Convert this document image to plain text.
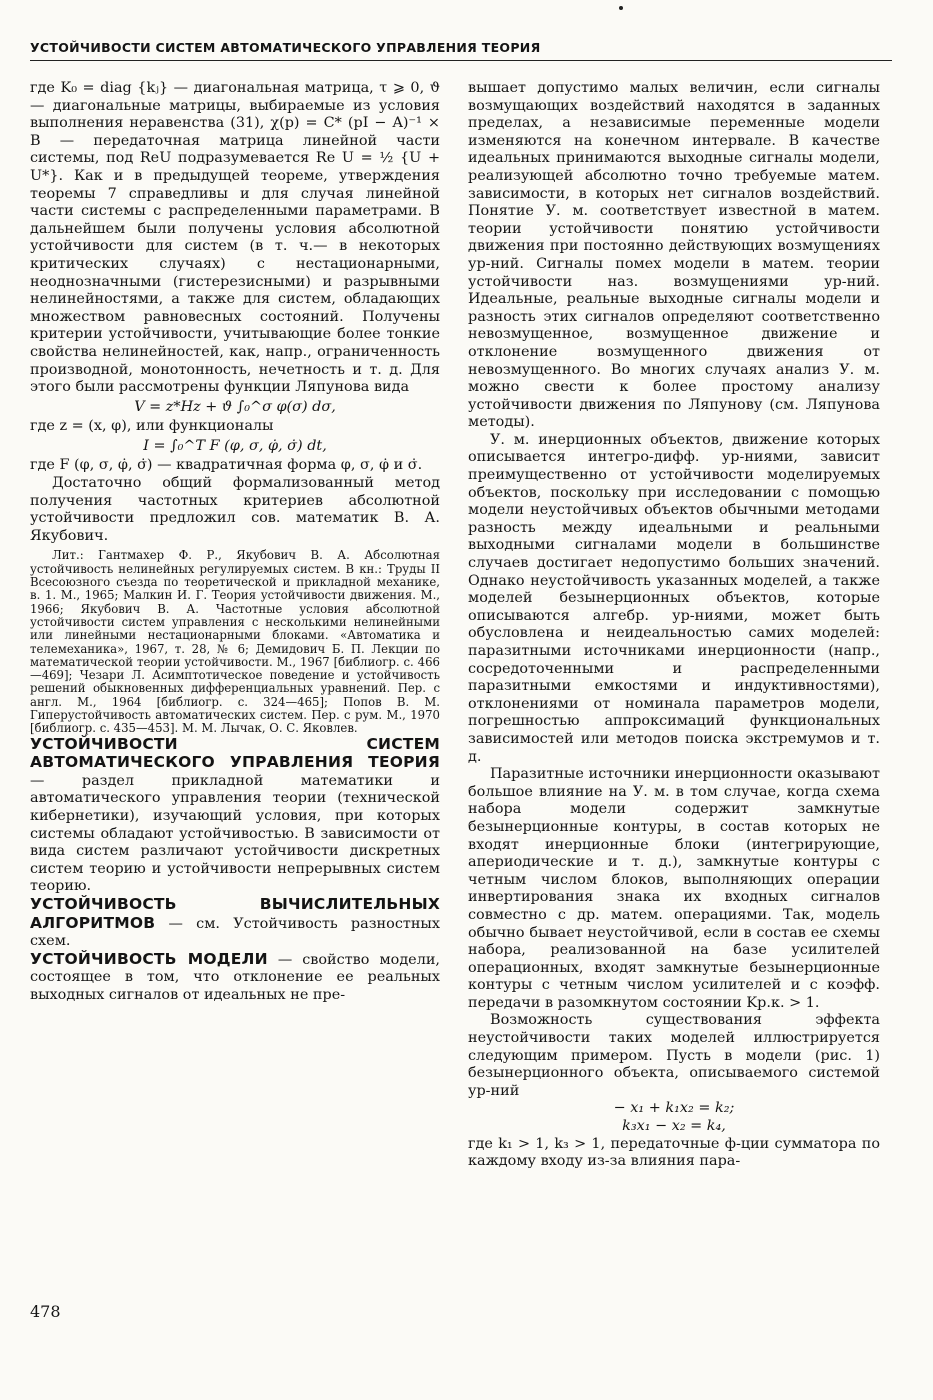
УСТОЙЧИВОСТИ СИСТЕМ АВТОМАТИЧЕСКОГО УПРАВЛЕНИЯ ТЕОРИЯ

где K₀ = diag {kⱼ} — диагональная матрица, τ ⩾ 0, ϑ — диагональные матрицы, выбираемые из условия выполнения неравенства (31), χ(p) = C* (pI − A)⁻¹ × B — передаточная матрица линейной части системы, под ReU подразумевается Re U = ½ {U + U*}. Как и в предыдущей теореме, утверждения теоремы 7 справедливы и для случая линейной части системы с распределенными параметрами. В дальнейшем были получены условия абсолютной устойчивости для систем (в т. ч.— в некоторых критических случаях) с нестационарными, неоднозначными (гистерезисными) и разрывными нелинейностями, а также для систем, обладающих множеством равновесных состояний. Получены критерии устойчивости, учитывающие более тонкие свойства нелинейностей, как, напр., ограниченность производной, монотонность, нечетность и т. д. Для этого были рассмотрены функции Ляпунова вида

V = z*Hz + ϑ ∫₀^σ φ(σ) dσ,

где z = (x, φ), или функционалы

I = ∫₀^T F (φ, σ, φ̇, σ̇) dt,

где F (φ, σ, φ̇, σ̇) — квадратичная форма φ, σ, φ̇ и σ̇.

Достаточно общий формализованный метод получения частотных критериев абсолютной устойчивости предложил сов. математик В. А. Якубович.

Лит.: Гантмахер Ф. Р., Якубович В. А. Абсолютная устойчивость нелинейных регулируемых систем. В кн.: Труды II Всесоюзного съезда по теоретической и прикладной механике, в. 1. М., 1965; Малкин И. Г. Теория устойчивости движения. М., 1966; Якубович В. А. Частотные условия абсолютной устойчивости систем управления с несколькими нелинейными или линейными нестационарными блоками. «Автоматика и телемеханика», 1967, т. 28, № 6; Демидович Б. П. Лекции по математической теории устойчивости. М., 1967 [библиогр. с. 466—469]; Чезари Л. Асимптотическое поведение и устойчивость решений обыкновенных дифференциальных уравнений. Пер. с англ. М., 1964 [библиогр. с. 324—465]; Попов В. М. Гиперустойчивость автоматических систем. Пер. с рум. М., 1970 [библиогр. с. 435—453]. М. М. Лычак, О. С. Яковлев.

УСТОЙЧИВОСТИ СИСТЕМ АВТОМАТИЧЕСКОГО УПРАВЛЕНИЯ ТЕОРИЯ — раздел прикладной математики и автоматического управления теории (технической кибернетики), изучающий условия, при которых системы обладают устойчивостью. В зависимости от вида систем различают устойчивости дискретных систем теорию и устойчивости непрерывных систем теорию.

УСТОЙЧИВОСТЬ ВЫЧИСЛИТЕЛЬНЫХ АЛГОРИТМОВ — см. Устойчивость разностных схем.

УСТОЙЧИВОСТЬ МОДЕЛИ — свойство модели, состоящее в том, что отклонение ее реальных выходных сигналов от идеальных не пре-

вышает допустимо малых величин, если сигналы возмущающих воздействий находятся в заданных пределах, а независимые переменные модели изменяются на конечном интервале. В качестве идеальных принимаются выходные сигналы модели, реализующей абсолютно точно требуемые матем. зависимости, в которых нет сигналов воздействий. Понятие У. м. соответствует известной в матем. теории устойчивости понятию устойчивости движения при постоянно действующих возмущениях ур-ний. Сигналы помех модели в матем. теории устойчивости наз. возмущениями ур-ний. Идеальные, реальные выходные сигналы модели и разность этих сигналов определяют соответственно невозмущенное, возмущенное движение и отклонение возмущенного движения от невозмущенного. Во многих случаях анализ У. м. можно свести к более простому анализу устойчивости движения по Ляпунову (см. Ляпунова методы).

У. м. инерционных объектов, движение которых описывается интегро-дифф. ур-ниями, зависит преимущественно от устойчивости моделируемых объектов, поскольку при исследовании с помощью модели неустойчивых объектов обычными методами разность между идеальными и реальными выходными сигналами модели в большинстве случаев достигает недопустимо больших значений. Однако неустойчивость указанных моделей, а также моделей безынерционных объектов, которые описываются алгебр. ур-ниями, может быть обусловлена и неидеальностью самих моделей: паразитными источниками инерционности (напр., сосредоточенными и распределенными паразитными емкостями и индуктивностями), отклонениями от номинала параметров модели, погрешностью аппроксимаций функциональных зависимостей или методов поиска экстремумов и т. д.

Паразитные источники инерционности оказывают большое влияние на У. м. в том случае, когда схема набора модели содержит замкнутые безынерционные контуры, в состав которых не входят инерционные блоки (интегрирующие, апериодические и т. д.), замкнутые контуры с четным числом блоков, выполняющих операции инвертирования знака их входных сигналов совместно с др. матем. операциями. Так, модель обычно бывает неустойчивой, если в состав ее схемы набора, реализованной на базе усилителей операционных, входят замкнутые безынерционные контуры с четным числом усилителей и с коэфф. передачи в разомкнутом состоянии Kр.к. > 1.

Возможность существования эффекта неустойчивости таких моделей иллюстрируется следующим примером. Пусть в модели (рис. 1) безынерционного объекта, описываемого системой ур-ний

− x₁ + k₁x₂ = k₂;

k₃x₁ − x₂ = k₄,

где k₁ > 1, k₃ > 1, передаточные ф-ции сумматора по каждому входу из-за влияния пара-

478
